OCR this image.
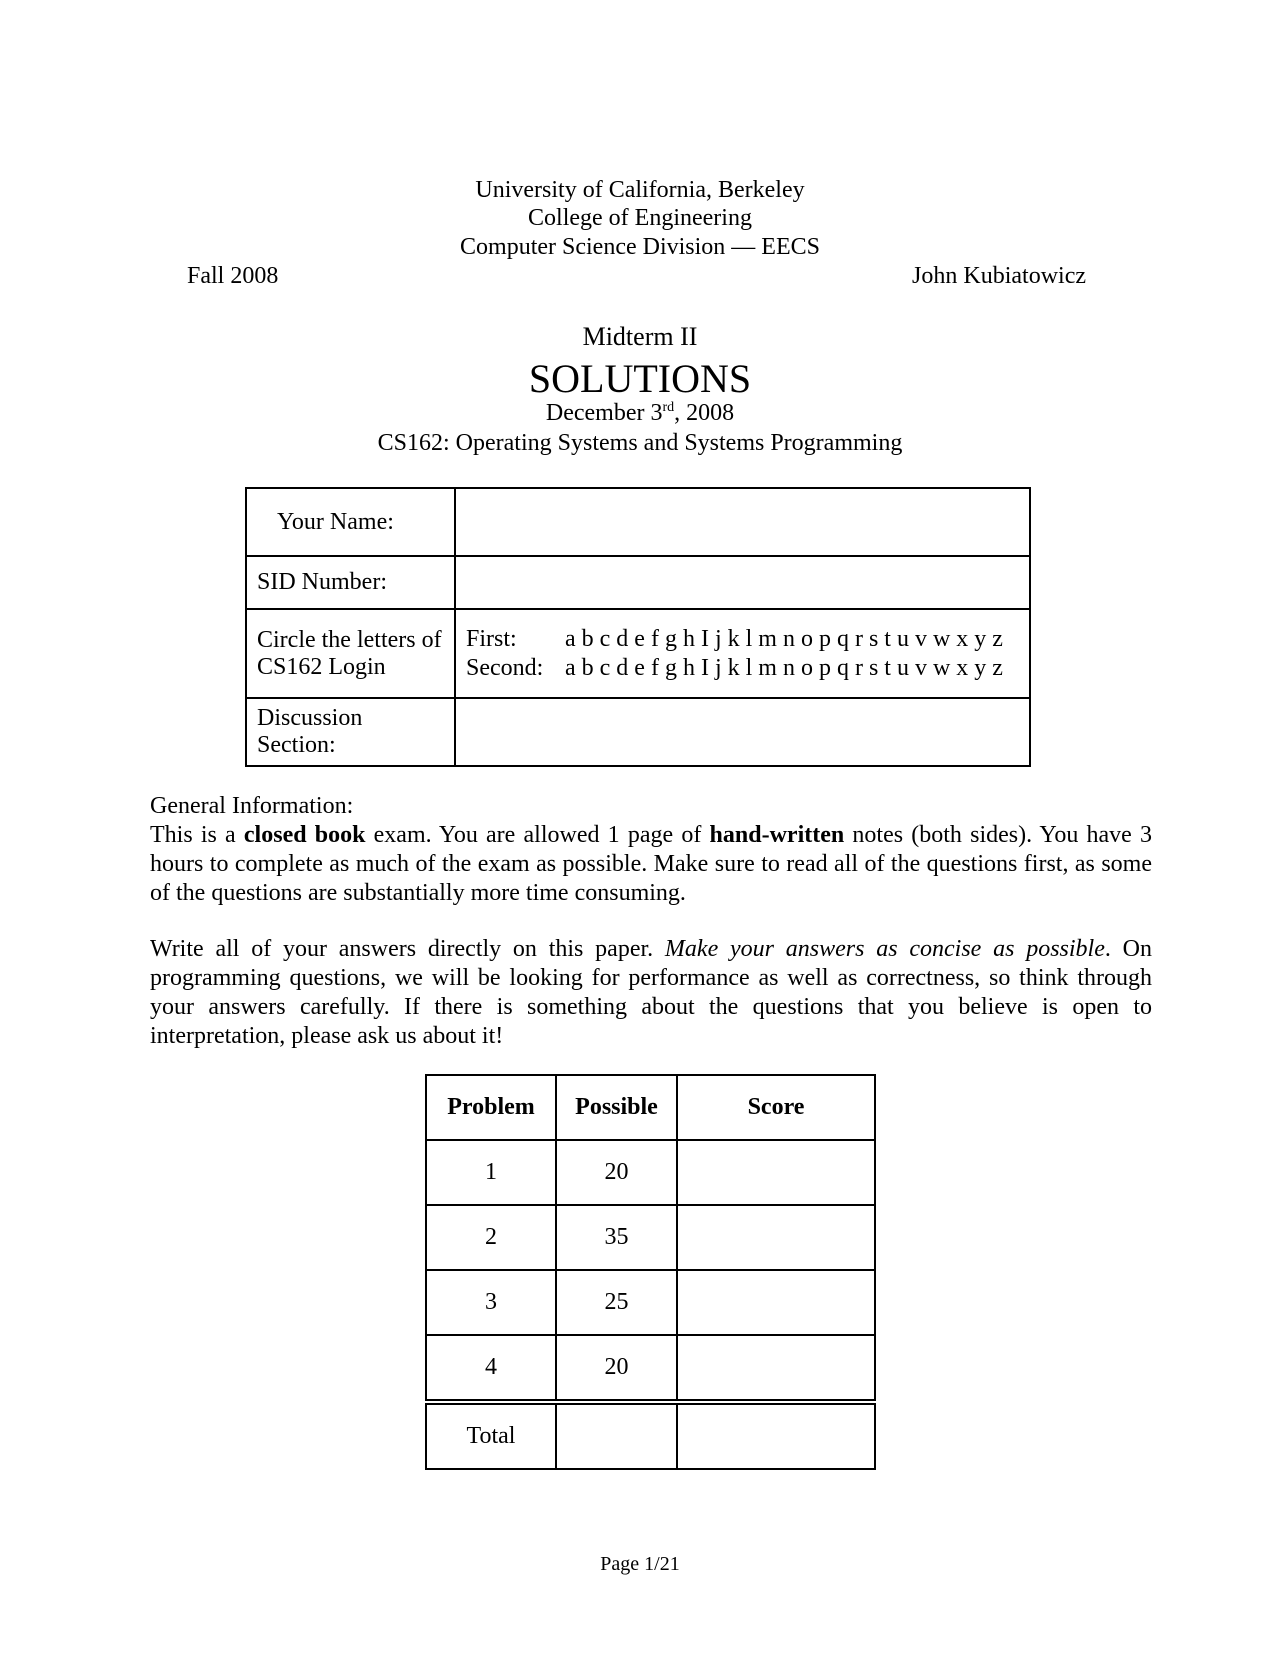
University of California, Berkeley
College of Engineering
Computer Science Division — EECS
Fall 2008	John Kubiatowicz
Midterm II
SOLUTIONS
December 3rd, 2008
CS162: Operating Systems and Systems Programming
Your Name:	
SID Number:	
Circle the letters of CS162 Login	First: a b c d e f g h I j k l m n o p q r s t u v w x y z
Second: a b c d e f g h I j k l m n o p q r s t u v w x y z

Discussion Section:	

General Information:

This is a closed book exam. You are allowed 1 page of hand-written notes (both sides). You have 3 hours to complete as much of the exam as possible. Make sure to read all of the questions first, as some of the questions are substantially more time consuming.

Write all of your answers directly on this paper. Make your answers as concise as possible. On programming questions, we will be looking for performance as well as correctness, so think through your answers carefully. If there is something about the questions that you believe is open to interpretation, please ask us about it!

Problem	Possible	Score
1	20	
2	35	
3	25	
4	20	
Total		
Page 1/21
